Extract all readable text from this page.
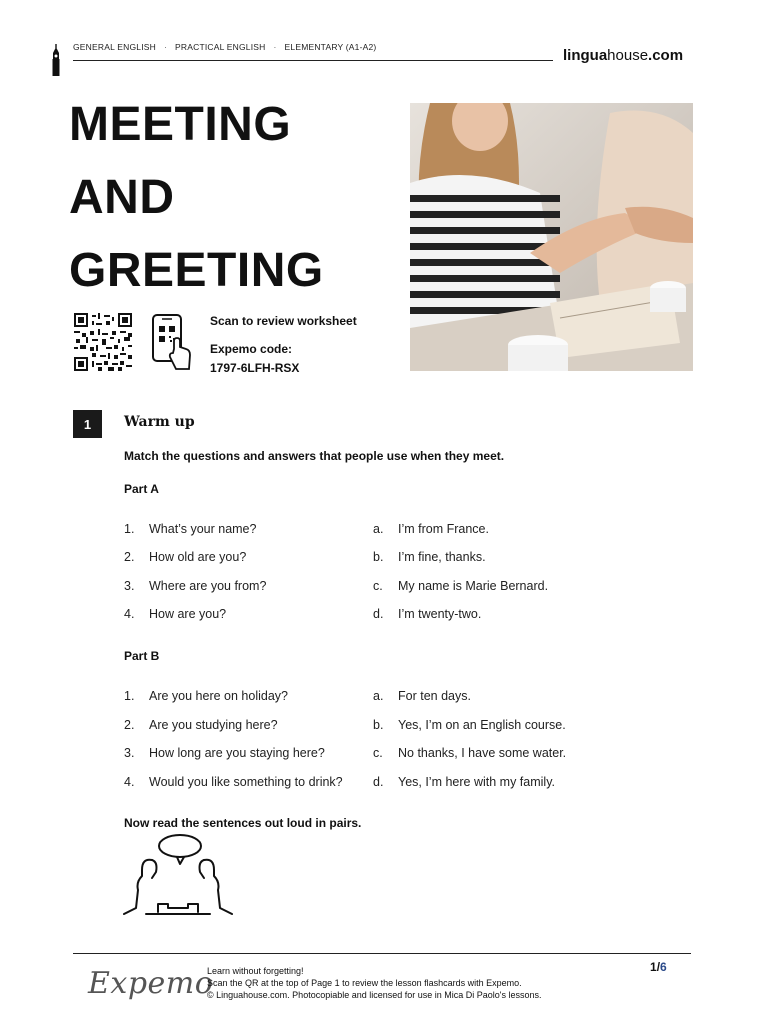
GENERAL ENGLISH · PRACTICAL ENGLISH · ELEMENTARY (A1-A2)	linguahouse.com
MEETING
AND
GREETING
Scan to review worksheet
Expemo code:
1797-6LFH-RSX
1	Warm up
Match the questions and answers that people use when they meet.
Part A
1. What’s your name?	a. I’m from France.
2. How old are you?	b. I’m fine, thanks.
3. Where are you from?	c. My name is Marie Bernard.
4. How are you?	d. I’m twenty-two.
Part B
1. Are you here on holiday?	a. For ten days.
2. Are you studying here?	b. Yes, I’m on an English course.
3. How long are you staying here?	c. No thanks, I have some water.
4. Would you like something to drink? d. Yes, I’m here with my family.
Now read the sentences out loud in pairs.
Expemo
Learn without forgetting!
Scan the QR at the top of Page 1 to review the lesson flashcards with Expemo.
© Linguahouse.com. Photocopiable and licensed for use in Mica Di Paolo's lessons.
1/6
